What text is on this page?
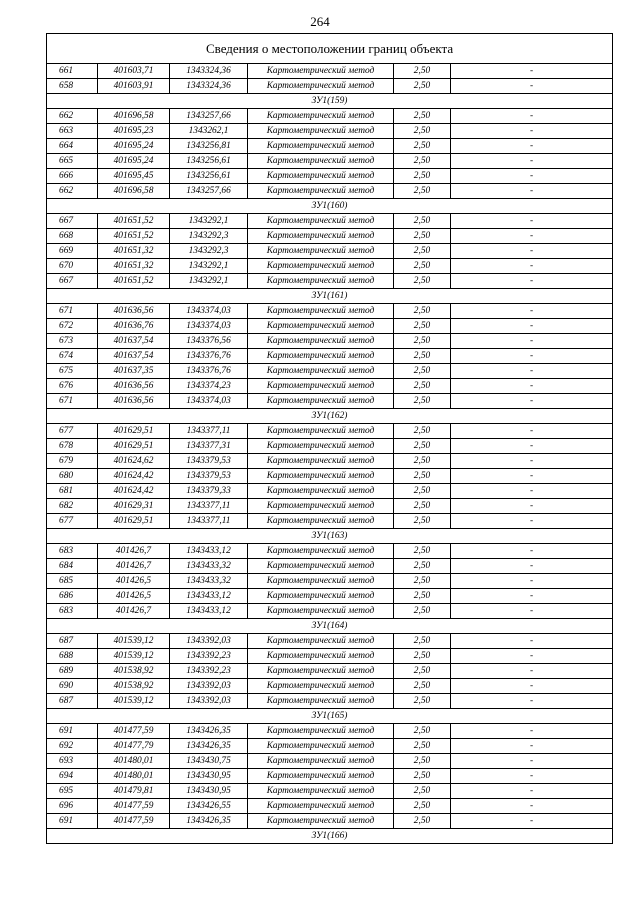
264
Сведения о местоположении границ объекта					
661	401603,71	1343324,36	Картометрический метод	2,50	-
658	401603,91	1343324,36	Картометрический метод	2,50	-
ЗУ1(159)					
662	401696,58	1343257,66	Картометрический метод	2,50	-
663	401695,23	1343262,1	Картометрический метод	2,50	-
664	401695,24	1343256,81	Картометрический метод	2,50	-
665	401695,24	1343256,61	Картометрический метод	2,50	-
666	401695,45	1343256,61	Картометрический метод	2,50	-
662	401696,58	1343257,66	Картометрический метод	2,50	-
ЗУ1(160)					
667	401651,52	1343292,1	Картометрический метод	2,50	-
668	401651,52	1343292,3	Картометрический метод	2,50	-
669	401651,32	1343292,3	Картометрический метод	2,50	-
670	401651,32	1343292,1	Картометрический метод	2,50	-
667	401651,52	1343292,1	Картометрический метод	2,50	-
ЗУ1(161)					
671	401636,56	1343374,03	Картометрический метод	2,50	-
672	401636,76	1343374,03	Картометрический метод	2,50	-
673	401637,54	1343376,56	Картометрический метод	2,50	-
674	401637,54	1343376,76	Картометрический метод	2,50	-
675	401637,35	1343376,76	Картометрический метод	2,50	-
676	401636,56	1343374,23	Картометрический метод	2,50	-
671	401636,56	1343374,03	Картометрический метод	2,50	-
ЗУ1(162)					
677	401629,51	1343377,11	Картометрический метод	2,50	-
678	401629,51	1343377,31	Картометрический метод	2,50	-
679	401624,62	1343379,53	Картометрический метод	2,50	-
680	401624,42	1343379,53	Картометрический метод	2,50	-
681	401624,42	1343379,33	Картометрический метод	2,50	-
682	401629,31	1343377,11	Картометрический метод	2,50	-
677	401629,51	1343377,11	Картометрический метод	2,50	-
ЗУ1(163)					
683	401426,7	1343433,12	Картометрический метод	2,50	-
684	401426,7	1343433,32	Картометрический метод	2,50	-
685	401426,5	1343433,32	Картометрический метод	2,50	-
686	401426,5	1343433,12	Картометрический метод	2,50	-
683	401426,7	1343433,12	Картометрический метод	2,50	-
ЗУ1(164)					
687	401539,12	1343392,03	Картометрический метод	2,50	-
688	401539,12	1343392,23	Картометрический метод	2,50	-
689	401538,92	1343392,23	Картометрический метод	2,50	-
690	401538,92	1343392,03	Картометрический метод	2,50	-
687	401539,12	1343392,03	Картометрический метод	2,50	-
ЗУ1(165)					
691	401477,59	1343426,35	Картометрический метод	2,50	-
692	401477,79	1343426,35	Картометрический метод	2,50	-
693	401480,01	1343430,75	Картометрический метод	2,50	-
694	401480,01	1343430,95	Картометрический метод	2,50	-
695	401479,81	1343430,95	Картометрический метод	2,50	-
696	401477,59	1343426,55	Картометрический метод	2,50	-
691	401477,59	1343426,35	Картометрический метод	2,50	-
ЗУ1(166)					
